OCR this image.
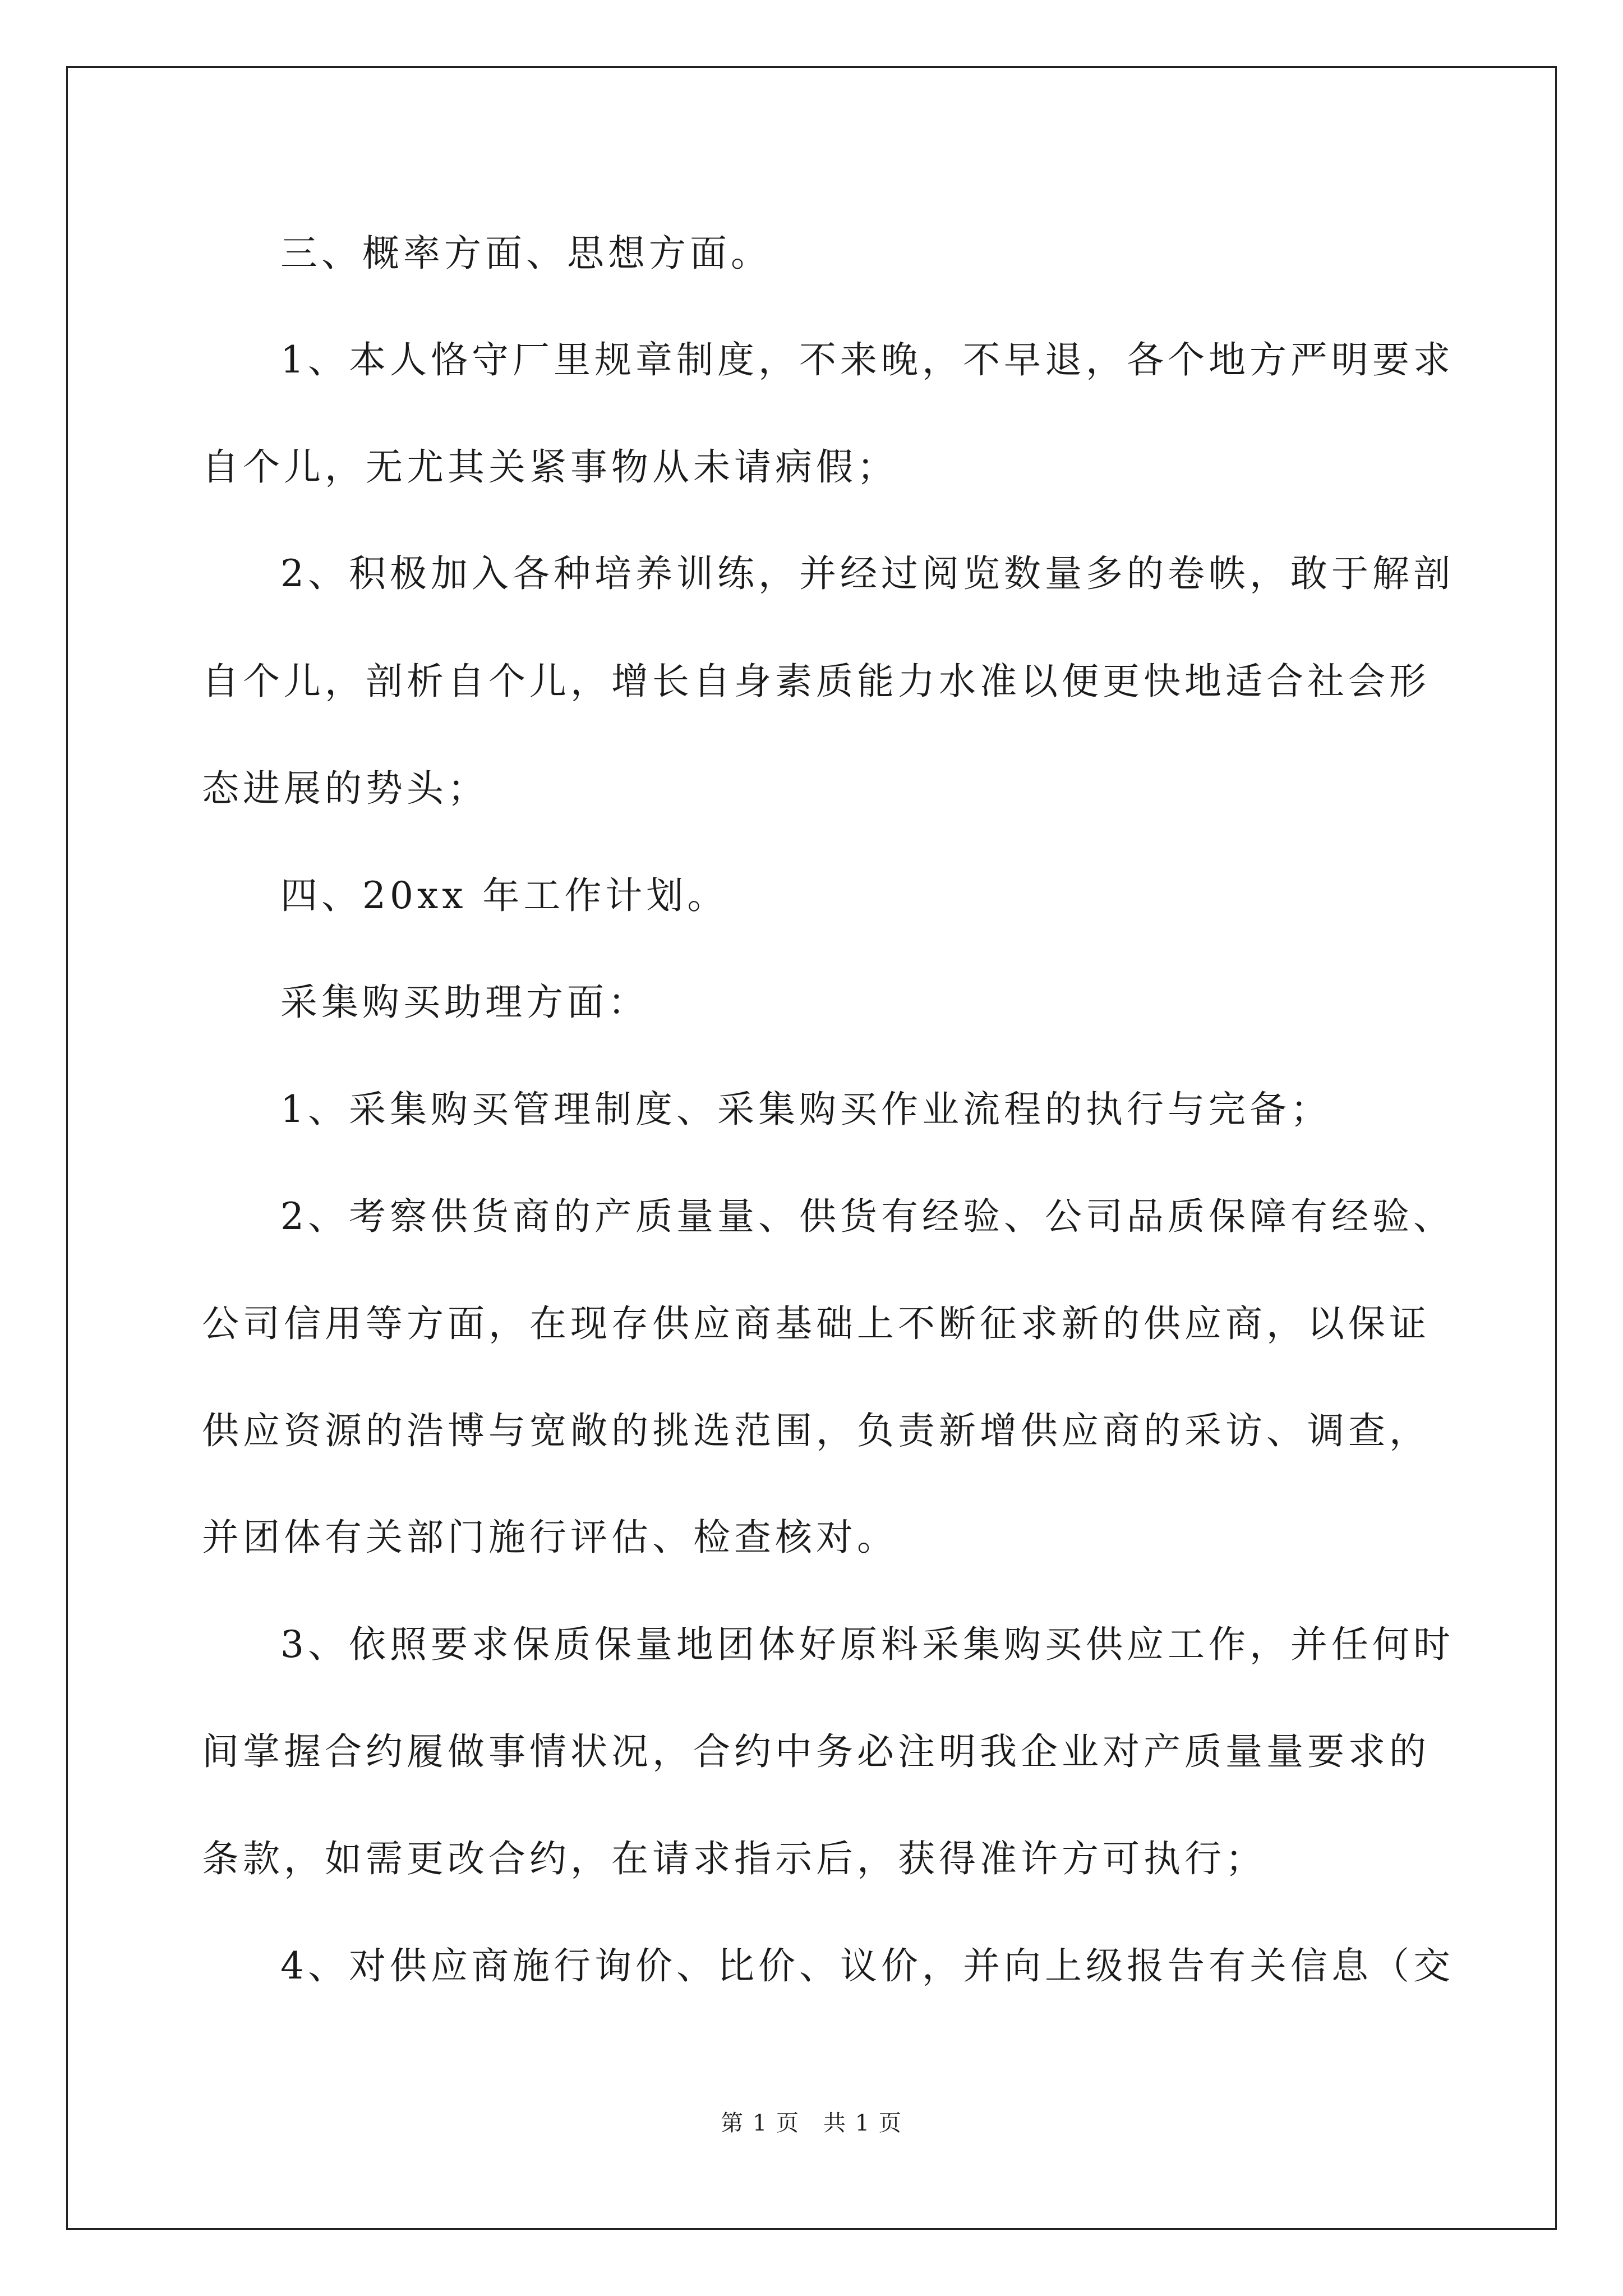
三、概率方面、思想方面。
1、本人恪守厂里规章制度，不来晚，不早退，各个地方严明要求
自个儿，无尤其关紧事物从未请病假；
2、积极加入各种培养训练，并经过阅览数量多的卷帙，敢于解剖
自个儿，剖析自个儿，增长自身素质能力水准以便更快地适合社会形
态进展的势头；
四、20xx 年工作计划。
采集购买助理方面：
1、采集购买管理制度、采集购买作业流程的执行与完备；
2、考察供货商的产质量量、供货有经验、公司品质保障有经验、
公司信用等方面，在现存供应商基础上不断征求新的供应商，以保证
供应资源的浩博与宽敞的挑选范围，负责新增供应商的采访、调查，
并团体有关部门施行评估、检查核对。
3、依照要求保质保量地团体好原料采集购买供应工作，并任何时
间掌握合约履做事情状况，合约中务必注明我企业对产质量量要求的
条款，如需更改合约，在请求指示后，获得准许方可执行；
4、对供应商施行询价、比价、议价，并向上级报告有关信息（交
第 1 页　共 1 页
